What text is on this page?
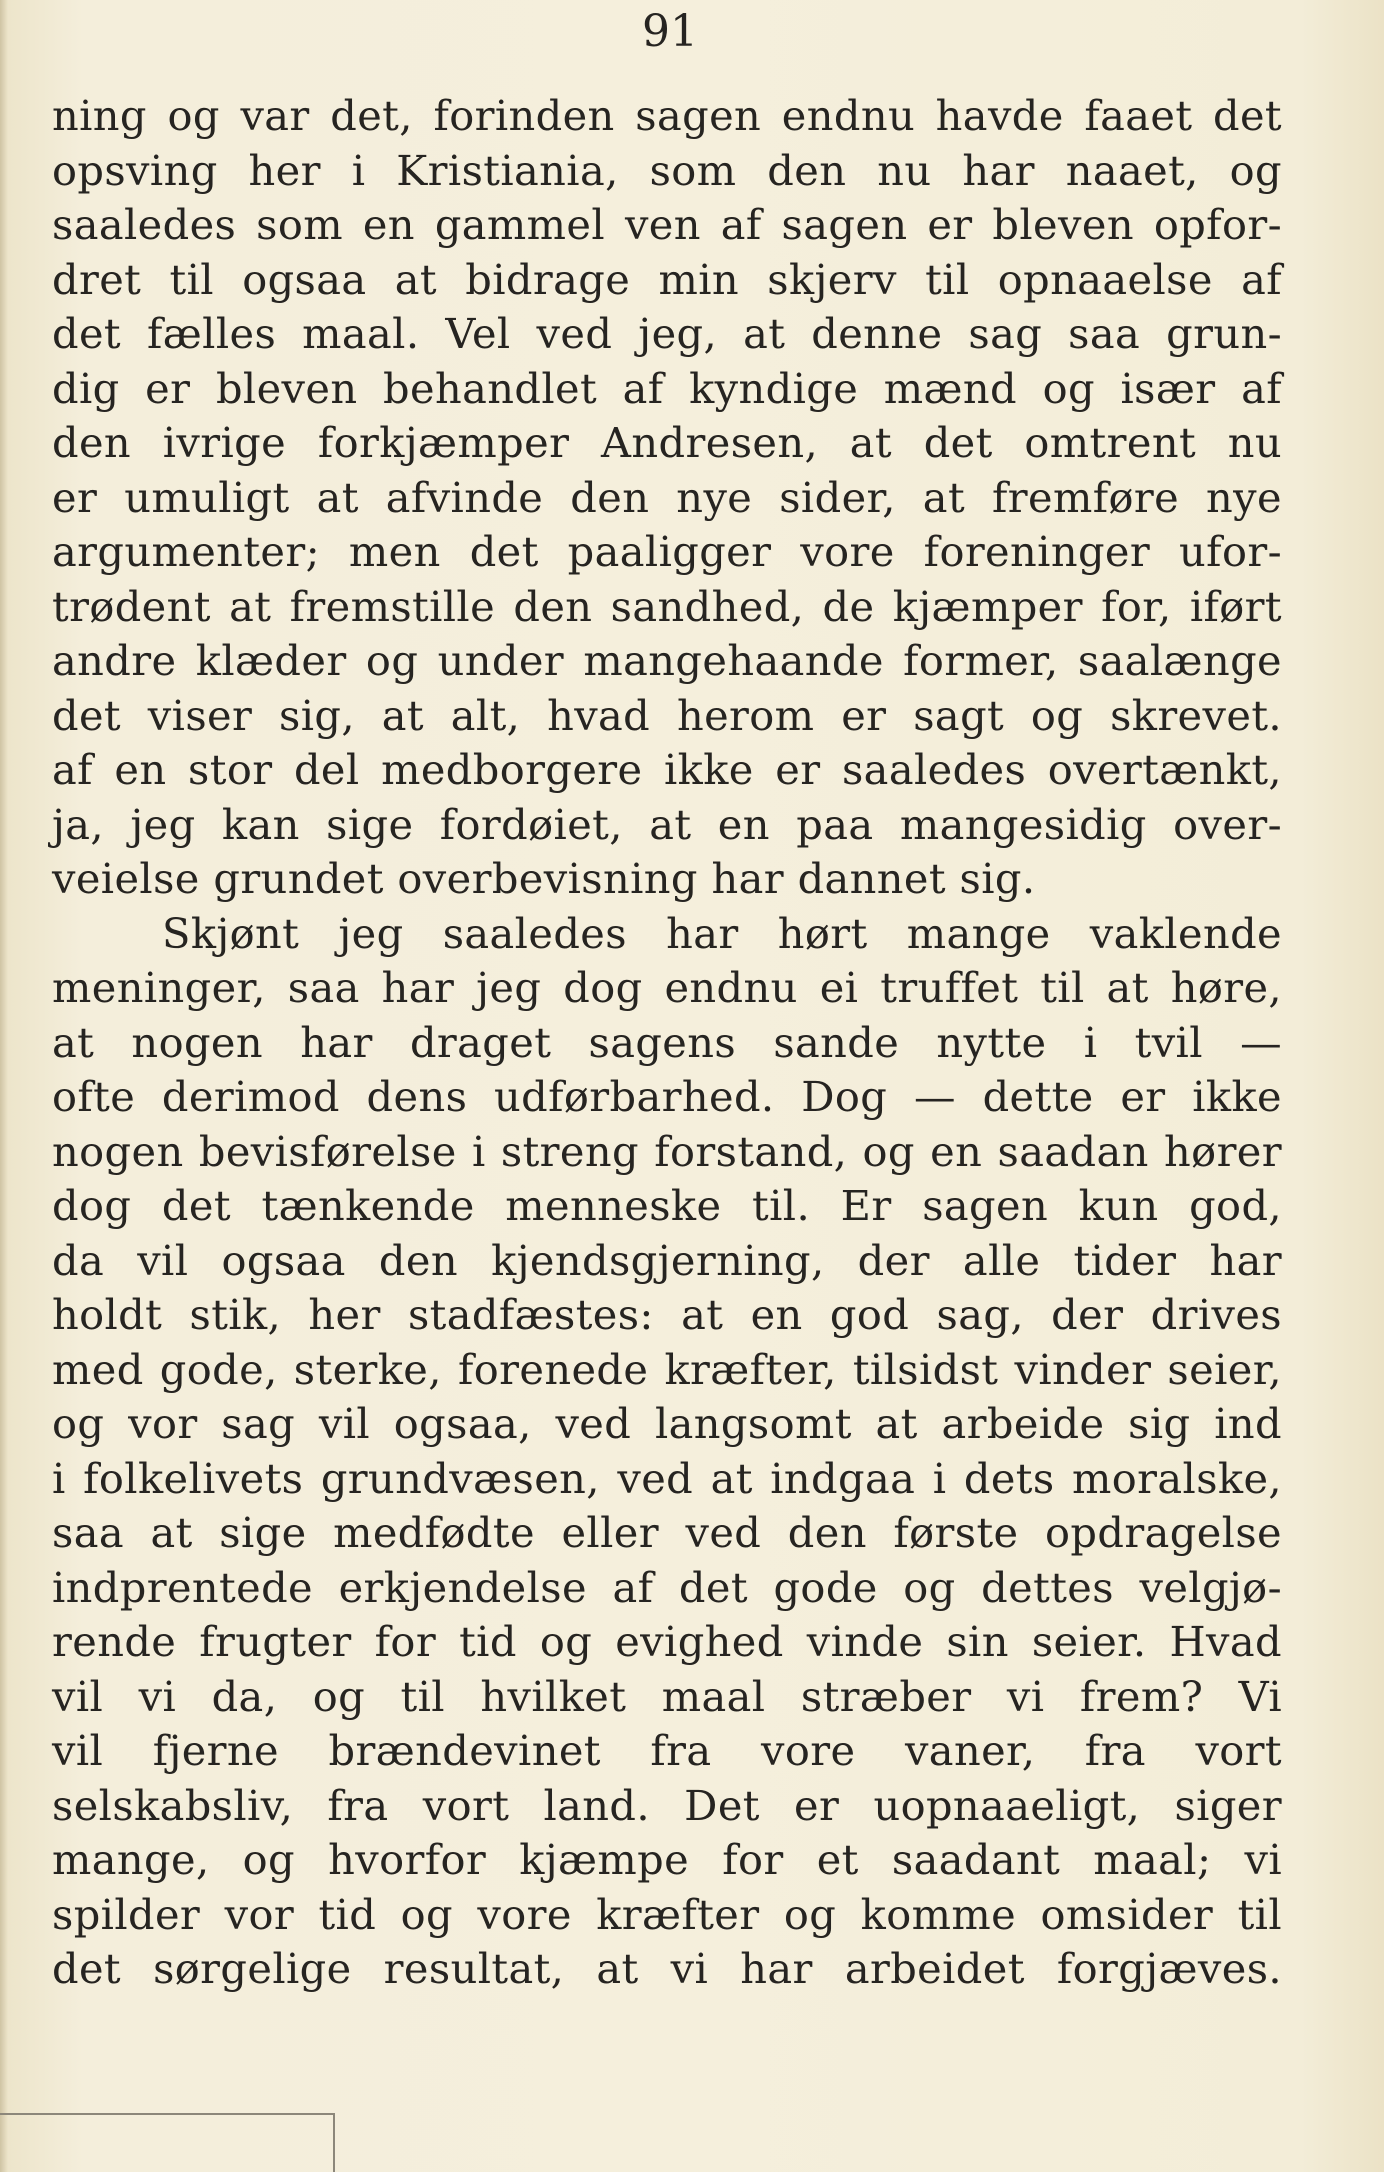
91
ning og var det, forinden sagen endnu havde faaet det
opsving her i Kristiania, som den nu har naaet, og
saaledes som en gammel ven af sagen er bleven opfor-
dret til ogsaa at bidrage min skjerv til opnaaelse af
det fælles maal. Vel ved jeg, at denne sag saa grun-
dig er bleven behandlet af kyndige mænd og især af
den ivrige forkjæmper Andresen, at det omtrent nu
er umuligt at afvinde den nye sider, at fremføre nye
argumenter; men det paaligger vore foreninger ufor-
trødent at fremstille den sandhed, de kjæmper for, iført
andre klæder og under mangehaande former, saalænge
det viser sig, at alt, hvad herom er sagt og skrevet.
af en stor del medborgere ikke er saaledes overtænkt,
ja, jeg kan sige fordøiet, at en paa mangesidig over-
veielse grundet overbevisning har dannet sig.
Skjønt jeg saaledes har hørt mange vaklende
meninger, saa har jeg dog endnu ei truffet til at høre,
at nogen har draget sagens sande nytte i tvil —
ofte derimod dens udførbarhed. Dog — dette er ikke
nogen bevisførelse i streng forstand, og en saadan hører
dog det tænkende menneske til. Er sagen kun god,
da vil ogsaa den kjendsgjerning, der alle tider har
holdt stik, her stadfæstes: at en god sag, der drives
med gode, sterke, forenede kræfter, tilsidst vinder seier,
og vor sag vil ogsaa, ved langsomt at arbeide sig ind
i folkelivets grundvæsen, ved at indgaa i dets moralske,
saa at sige medfødte eller ved den første opdragelse
indprentede erkjendelse af det gode og dettes velgjø-
rende frugter for tid og evighed vinde sin seier. Hvad
vil vi da, og til hvilket maal stræber vi frem? Vi
vil fjerne brændevinet fra vore vaner, fra vort
selskabsliv, fra vort land. Det er uopnaaeligt, siger
mange, og hvorfor kjæmpe for et saadant maal; vi
spilder vor tid og vore kræfter og komme omsider til
det sørgelige resultat, at vi har arbeidet forgjæves.
